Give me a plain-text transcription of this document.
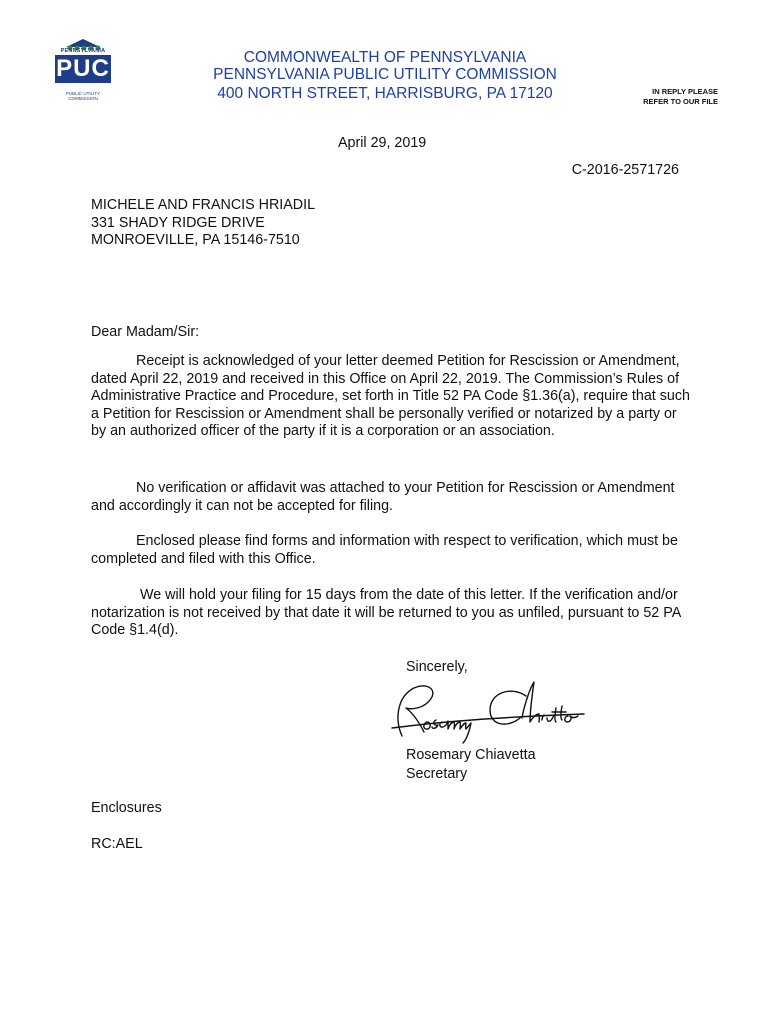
PENNSYLVANIA
PUC
PUBLIC UTILITY COMMISSION
COMMONWEALTH OF PENNSYLVANIA
PENNSYLVANIA PUBLIC UTILITY COMMISSION
400 NORTH STREET, HARRISBURG, PA 17120	IN REPLY PLEASE
REFER TO OUR FILE
April 29, 2019
C-2016-2571726
MICHELE AND FRANCIS HRIADIL
331 SHADY RIDGE DRIVE
MONROEVILLE, PA 15146-7510
Dear Madam/Sir:

Receipt is acknowledged of your letter deemed Petition for Rescission or Amendment, dated April 22, 2019 and received in this Office on April 22, 2019. The Commission’s Rules of Administrative Practice and Procedure, set forth in Title 52 PA Code §1.36(a), require that such a Petition for Rescission or Amendment shall be personally verified or notarized by a party or by an authorized officer of the party if it is a corporation or an association.

No verification or affidavit was attached to your Petition for Rescission or Amendment and accordingly it can not be accepted for filing.

Enclosed please find forms and information with respect to verification, which must be completed and filed with this Office.

We will hold your filing for 15 days from the date of this letter. If the verification and/or notarization is not received by that date it will be returned to you as unfiled, pursuant to 52 PA Code §1.4(d).

Sincerely,
Rosemary Chiavetta
Secretary
Enclosures
RC:AEL
